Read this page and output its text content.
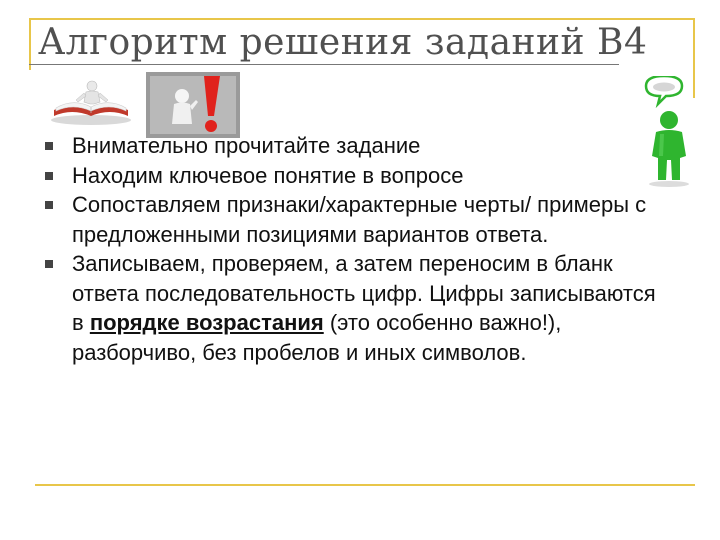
Алгоритм решения заданий В4
Внимательно прочитайте задание
Находим ключевое понятие в вопросе
Сопоставляем признаки/характерные черты/ примеры с предложенными позициями вариантов ответа.
Записываем, проверяем, а затем переносим в бланк ответа последовательность цифр. Цифры записываются в порядке возрастания (это особенно важно!), разборчиво, без пробелов и иных символов.
